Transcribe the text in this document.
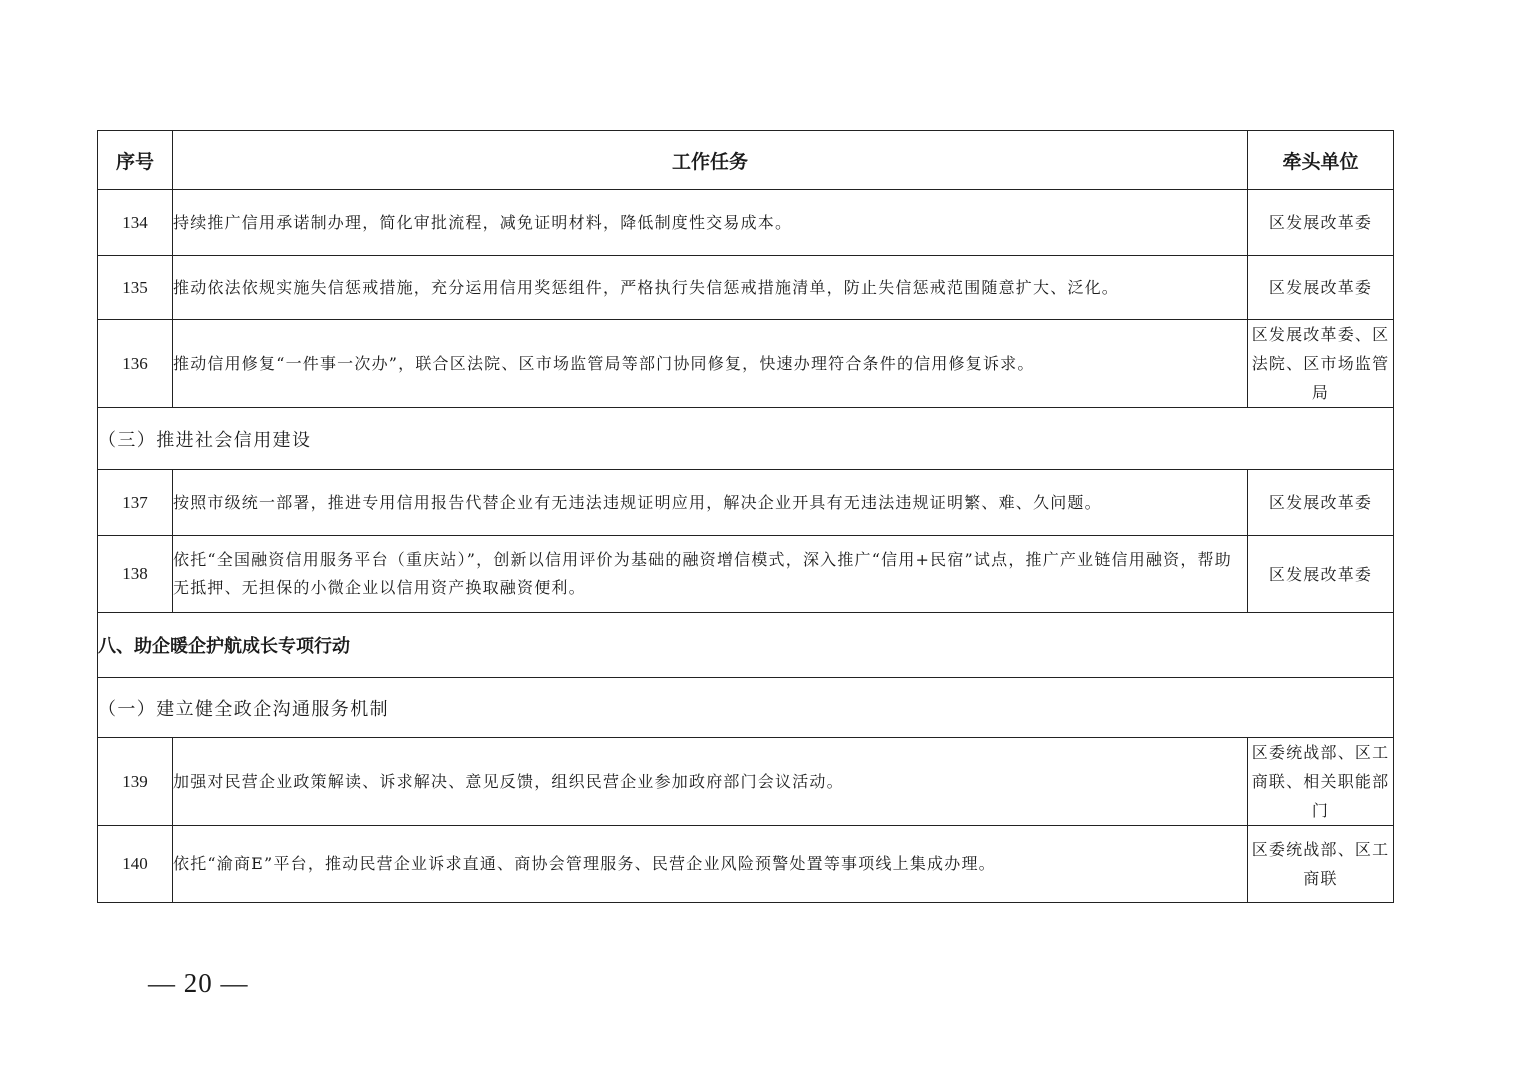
序号	工作任务	牵头单位
134	持续推广信用承诺制办理，简化审批流程，减免证明材料，降低制度性交易成本。	区发展改革委
135	推动依法依规实施失信惩戒措施，充分运用信用奖惩组件，严格执行失信惩戒措施清单，防止失信惩戒范围随意扩大、泛化。	区发展改革委
136	推动信用修复“一件事一次办”，联合区法院、区市场监管局等部门协同修复，快速办理符合条件的信用修复诉求。	区发展改革委、区法院、区市场监管局
（三）推进社会信用建设		
137	按照市级统一部署，推进专用信用报告代替企业有无违法违规证明应用，解决企业开具有无违法违规证明繁、难、久问题。	区发展改革委
138	依托“全国融资信用服务平台（重庆站）”，创新以信用评价为基础的融资增信模式，深入推广“信用+民宿”试点，推广产业链信用融资，帮助无抵押、无担保的小微企业以信用资产换取融资便利。	区发展改革委
八、助企暖企护航成长专项行动		
（一）建立健全政企沟通服务机制		
139	加强对民营企业政策解读、诉求解决、意见反馈，组织民营企业参加政府部门会议活动。	区委统战部、区工商联、相关职能部门
140	依托“渝商E”平台，推动民营企业诉求直通、商协会管理服务、民营企业风险预警处置等事项线上集成办理。	区委统战部、区工商联
— 20 —
